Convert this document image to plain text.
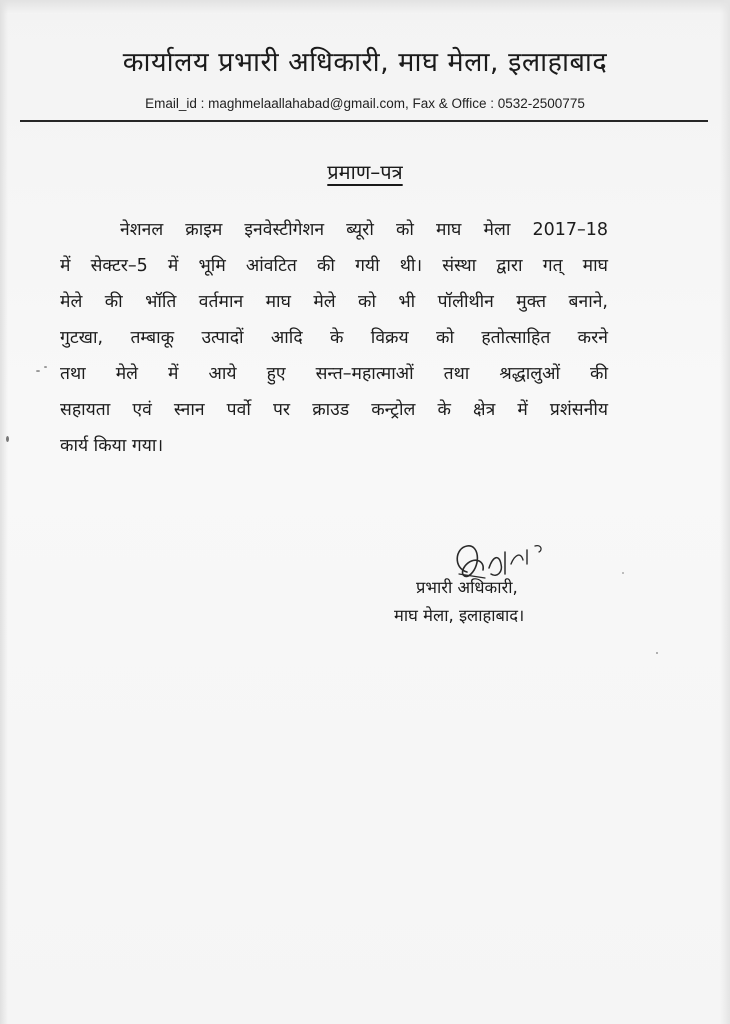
कार्यालय प्रभारी अधिकारी, माघ मेला, इलाहाबाद
Email_id : maghmelaallahabad@gmail.com, Fax & Office : 0532-2500775
प्रमाण–पत्र
नेशनल क्राइम इनवेस्टीगेशन ब्यूरो को माघ मेला 2017–18
में सेक्टर–5 में भूमि आंवटित की गयी थी। संस्था द्वारा गत् माघ
मेले की भॉति वर्तमान माघ मेले को भी पॉलीथीन मुक्त बनाने,
गुटखा, तम्बाकू उत्पादों आदि के विक्रय को हतोत्साहित करने
तथा मेले में आये हुए सन्त–महात्माओं तथा श्रद्धालुओं की
सहायता एवं स्नान पर्वो पर क्राउड कन्ट्रोल के क्षेत्र में प्रशंसनीय
कार्य किया गया।
प्रभारी अधिकारी,
माघ मेला, इलाहाबाद।
